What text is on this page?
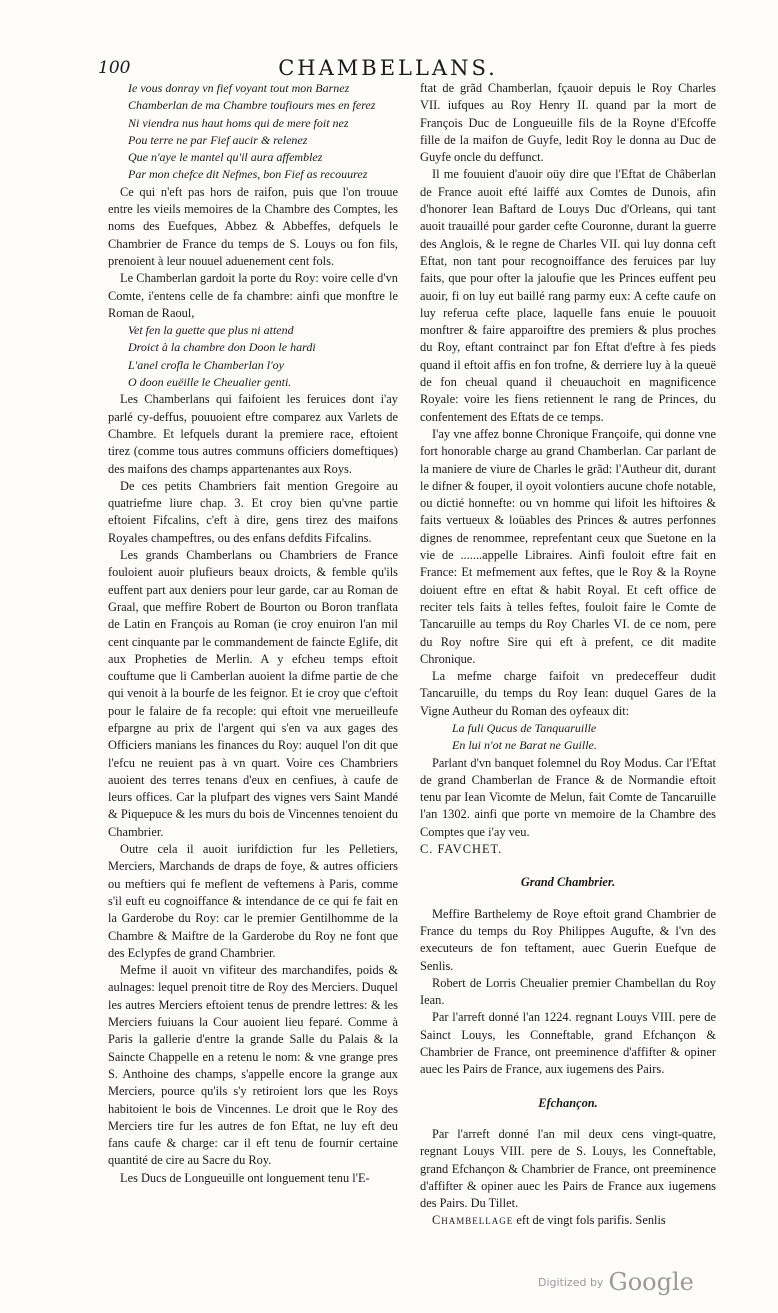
100	CHAMBELLANS.

Ie vous donray vn fief voyant tout mon Barnez

Chamberlan de ma Chambre toufiours mes en ferez

Ni viendra nus haut homs qui de mere foit nez

Pou terre ne par Fief aucir & relenez

Que n'aye le mantel qu'il aura affemblez

Par mon chefce dit Nefmes, bon Fief as recouurez

Ce qui n'eft pas hors de raifon, puis que l'on trouue entre les vieils memoires de la Chambre des Comptes, les noms des Euefques, Abbez & Abbeffes, defquels le Chambrier de France du temps de S. Louys ou fon fils, prenoient à leur nouuel aduenement cent fols.

Le Chamberlan gardoit la porte du Roy: voire celle d'vn Comte, i'entens celle de fa chambre: ainfi que monftre le Roman de Raoul,

Vet fen la guette que plus ni attend

Droict à la chambre don Doon le hardi

L'anel crofla le Chamberlan l'oy

O doon euëille le Cheualier genti.

Les Chamberlans qui faifoient les feruices dont i'ay parlé cy-deffus, pouuoient eftre comparez aux Varlets de Chambre. Et lefquels durant la premiere race, eftoient tirez (comme tous autres communs officiers domeftiques) des maifons des champs appartenantes aux Roys.

De ces petits Chambriers fait mention Gregoire au quatriefme liure chap. 3. Et croy bien qu'vne partie eftoient Fifcalins, c'eft à dire, gens tirez des maifons Royales champeftres, ou des enfans defdits Fifcalins.

Les grands Chamberlans ou Chambriers de France fouloient auoir plufieurs beaux droicts, & femble qu'ils euffent part aux deniers pour leur garde, car au Roman de Graal, que meffire Robert de Bourton ou Boron tranflata de Latin en François au Roman (ie croy enuiron l'an mil cent cinquante par le commandement de faincte Eglife, dit aux Propheties de Merlin. A y efcheu temps eftoit couftume que li Camberlan auoient la difme partie de che qui venoit à la bourfe de les feignor. Et ie croy que c'eftoit pour le falaire de fa recople: qui eftoit vne merueilleufe efpargne au prix de l'argent qui s'en va aux gages des Officiers manians les finances du Roy: auquel l'on dit que l'efcu ne reuient pas à vn quart. Voire ces Chambriers auoient des terres tenans d'eux en cenfiues, à caufe de leurs offices. Car la plufpart des vignes vers Saint Mandé & Piquepuce & les murs du bois de Vincennes tenoient du Chambrier.

Outre cela il auoit iurifdiction fur les Pelletiers, Merciers, Marchands de draps de foye, & autres officiers ou meftiers qui fe meflent de veftemens à Paris, comme s'il euft eu cognoiffance & intendance de ce qui fe fait en la Garderobe du Roy: car le premier Gentilhomme de la Chambre & Maiftre de la Garderobe du Roy ne font que des Eclypfes de grand Chambrier.

Mefme il auoit vn vifiteur des marchandifes, poids & aulnages: lequel prenoit titre de Roy des Merciers. Duquel les autres Merciers eftoient tenus de prendre lettres: & les Merciers fuiuans la Cour auoient lieu feparé. Comme à Paris la gallerie d'entre la grande Salle du Palais & la Saincte Chappelle en a retenu le nom: & vne grange pres S. Anthoine des champs, s'appelle encore la grange aux Merciers, pource qu'ils s'y retiroient lors que les Roys habitoient le bois de Vincennes. Le droit que le Roy des Merciers tire fur les autres de fon Eftat, ne luy eft deu fans caufe & charge: car il eft tenu de fournir certaine quantité de cire au Sacre du Roy.

Les Ducs de Longueuille ont longuement tenu l'E-

ftat de grãd Chamberlan, fçauoir depuis le Roy Charles VII. iufques au Roy Henry II. quand par la mort de François Duc de Longueuille fils de la Royne d'Efcoffe fille de la maifon de Guyfe, ledit Roy le donna au Duc de Guyfe oncle du deffunct.

Il me fouuient d'auoir oüy dire que l'Eftat de Châberlan de France auoit efté laiffé aux Comtes de Dunois, afin d'honorer Iean Baftard de Louys Duc d'Orleans, qui tant auoit trauaillé pour garder cefte Couronne, durant la guerre des Anglois, & le regne de Charles VII. qui luy donna ceft Eftat, non tant pour recognoiffance des feruices par luy faits, que pour ofter la jaloufie que les Princes euffent peu auoir, fi on luy eut baillé rang parmy eux: A cefte caufe on luy referua cefte place, laquelle fans enuie le pouuoit monftrer & faire apparoiftre des premiers & plus proches du Roy, eftant contrainct par fon Eftat d'eftre à fes pieds quand il eftoit affis en fon trofne, & derriere luy à la queuë de fon cheual quand il cheuauchoit en magnificence Royale: voire les fiens retiennent le rang de Princes, du confentement des Eftats de ce temps.

I'ay vne affez bonne Chronique Françoife, qui donne vne fort honorable charge au grand Chamberlan. Car parlant de la maniere de viure de Charles le grãd: l'Autheur dit, durant le difner & fouper, il oyoit volontiers aucune chofe notable, ou dictié honnefte: ou vn homme qui lifoit les hiftoires & faits vertueux & loüables des Princes & autres perfonnes dignes de renommee, reprefentant ceux que Suetone en la vie de .......appelle Libraires. Ainfi fouloit eftre fait en France: Et mefmement aux feftes, que le Roy & la Royne doiuent eftre en eftat & habit Royal. Et ceft office de reciter tels faits à telles feftes, fouloit faire le Comte de Tancaruille au temps du Roy Charles VI. de ce nom, pere du Roy noftre Sire qui eft à prefent, ce dit madite Chronique.

La mefme charge faifoit vn predeceffeur dudit Tancaruille, du temps du Roy Iean: duquel Gares de la Vigne Autheur du Roman des oyfeaux dit:

La fuli Qucus de Tanquaruille

En lui n'ot ne Barat ne Guille.

Parlant d'vn banquet folemnel du Roy Modus. Car l'Eftat de grand Chamberlan de France & de Normandie eftoit tenu par Iean Vicomte de Melun, fait Comte de Tancaruille l'an 1302. ainfi que porte vn memoire de la Chambre des Comptes que i'ay veu.

C. FAVCHET.

Grand Chambrier.

Meffire Barthelemy de Roye eftoit grand Chambrier de France du temps du Roy Philippes Augufte, & l'vn des executeurs de fon teftament, auec Guerin Euefque de Senlis.

Robert de Lorris Cheualier premier Chambellan du Roy Iean.

Par l'arreft donné l'an 1224. regnant Louys VIII. pere de Sainct Louys, les Conneftable, grand Efchançon & Chambrier de France, ont preeminence d'affifter & opiner auec les Pairs de France, aux iugemens des Pairs.

Efchançon.

Par l'arreft donné l'an mil deux cens vingt-quatre, regnant Louys VIII. pere de S. Louys, les Conneftable, grand Efchançon & Chambrier de France, ont preeminence d'affifter & opiner auec les Pairs de France aux iugemens des Pairs. Du Tillet.

Chambellage eft de vingt fols parifis. Senlis

$^{Digitized by}$ Google
